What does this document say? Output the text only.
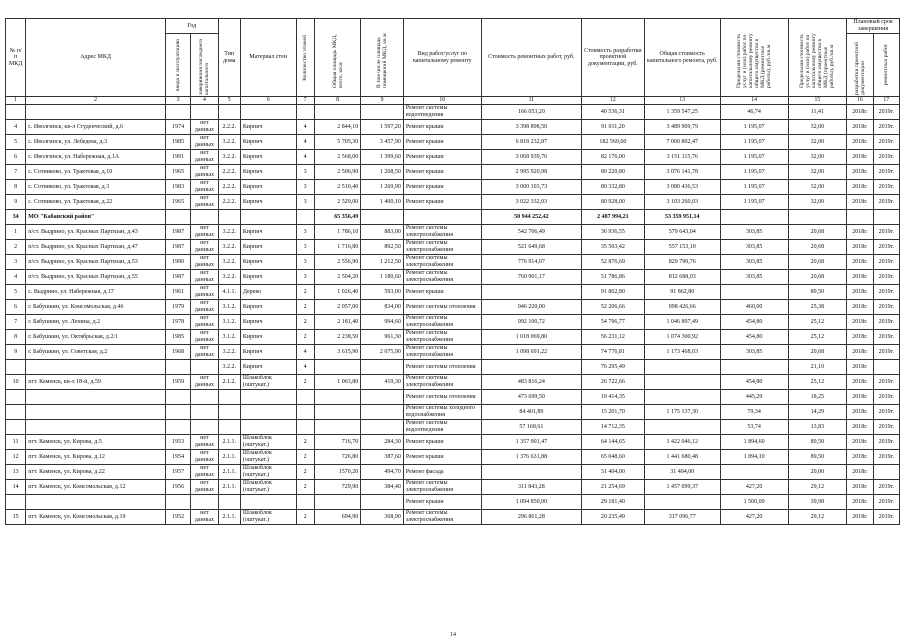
№ п/п МКД	Адрес МКД	Год		Тип дома	Материал стен	Количество этажей	Общая площадь МКД, всего, кв.м	В том числе площадь помещений МКД, кв.м	Вид работ/услуг по капитальному ремонту	Стоимость ремонтных работ, руб.	Стоимость разработки проектной документации, руб.	Общая стоимость капитального ремонта, руб.	Предельная стоимость услуг и (или) работ по капитальному ремонту общего имущества в МКД (ремонтные работы), руб./кв.м	Предельная стоимость услуг и (или) работ по капитальному ремонту общего имущества в МКД (проектные работы), руб./кв.м	Плановый срок завершения	

		ввода в эксплуатацию	завершения последнего капитального												разработки проектной документации	ремонтных работ

1	2	3	4	5	6	7	8	9	10	11	12	13	14	15	16	17
									Ремонт системы водоотведения	166 053,20	40 536,31	1 359 547,25	46,74	11,41	2018г.	2019г.
4	с. Иволгинск, кв-л Студенческий, д.6	1974	нет данных	2.2.2.	Кирпич	4	2 844,10	1 597,20	Ремонт крыши	3 398 898,50	91 011,20	3 489 909,79	1 195,07	32,00	2018г.	2019г.
5	с. Иволгинск, ул. Лебедева, д.3	1985	нет данных	3.2.2.	Кирпич	4	5 705,30	3 457,90	Ремонт крыши	6 818 232,87	182 569,60	7 000 802,47	1 195,07	32,00	2018г.	2019г.
6	с. Иволгинск, ул. Набережная, д.1А	1991	нет данных	3.2.2.	Кирпич	4	2 568,00	1 399,60	Ремонт крыши	3 068 939,76	82 176,00	3 151 115,76	1 195,07	32,00	2018г.	2019г.
7	с. Сотниково, ул. Трактовая, д.10	1965	нет данных	2.2.2.	Кирпич	3	2 506,90	1 268,50	Ремонт крыши	2 995 920,98	80 220,80	3 076 141,78	1 195,07	32,00	2018г.	2019г.
8	с. Сотниково, ул. Трактовая, д.3	1983	нет данных	2.2.2.	Кирпич	3	2 510,40	1 269,90	Ремонт крыши	3 000 103,73	80 332,80	3 080 436,53	1 195,07	32,00	2018г.	2019г.
9	с. Сотниково, ул. Трактовая, д.22	1965	нет данных	2.2.2.	Кирпич	3	2 529,00	1 400,10	Ремонт крыши	3 022 332,03	80 928,00	3 103 260,03	1 195,07	32,00	2018г.	2019г.
34	МО "Кабанский район"						65 356,49			50 944 252,42	2 487 994,21	53 359 951,14				
1	п/ст. Выдрино, ул. Красных Партизан, д.43	1987	нет данных	3.2.2.	Кирпич	3	1 786,10	883,00	Ремонт системы электроснабжения	542 706,49	36 936,55	579 643,04	303,85	20,68	2018г.	2019г.
2	п/ст. Выдрино, ул. Красных Партизан, д.47	1987	нет данных	3.2.2.	Кирпич	3	1 716,80	892,50	Ремонт системы электроснабжения	521 649,68	35 503,42	557 153,10	303,85	20,68	2018г.	2019г.
3	п/ст. Выдрино, ул. Красных Партизан, д.53	1990	нет данных	3.2.2.	Кирпич	3	2 556,90	1 212,50	Ремонт системы электроснабжения	776 914,07	52 876,69	829 790,76	303,85	20,68	2018г.	2019г.
4	п/ст. Выдрино, ул. Красных Партизан, д.55	1987	нет данных	3.2.2.	Кирпич	3	2 504,20	1 180,60	Ремонт системы электроснабжения	760 901,17	51 786,86	812 688,03	303,85	20,68	2018г.	2019г.
5	с. Выдрино, ул. Набережная, д.17	1961	нет данных	4.1.1.	Дерево	2	1 026,40	593,00	Ремонт крыши		91 862,80	91 862,80		89,50	2018г.	2019г.
6	г. Бабушкин, ул. Комсомольская, д.46	1979	нет данных	3.1.2.	Кирпич	2	2 057,00	834,00	Ремонт системы отопления	946 220,00	52 206,66	998 426,66	460,00	25,38	2018г.	2019г.
7	г. Бабушкин, ул. Ленина, д.2	1978	нет данных	3.1.2.	Кирпич	2	2 181,40	994,60	Ремонт системы электроснабжения	992 100,72	54 796,77	1 046 897,49	454,80	25,12	2018г.	2019г.
8	г. Бабушкин, ул. Октябрьская, д.2/1	1985	нет данных	3.1.2.	Кирпич	2	2 238,50	961,30	Ремонт системы электроснабжения	1 018 069,80	56 231,12	1 074 300,92	454,80	25,12	2018г.	2019г.
9	г. Бабушкин, ул. Советская, д.2	1968	нет данных	3.2.2.	Кирпич	4	3 615,90	2 075,90	Ремонт системы электроснабжения	1 098 691,22	74 776,81	1 173 468,03	303,85	20,68	2018г.	2019г.
				3.2.2.	Кирпич	4			Ремонт системы отопления		76 295,49			21,10	2018г.	
10	пгт. Каменск, кв-л 18-й, д.59	1959	нет данных	2.1.2.	Шлакоблок (оштукат.)	2	1 063,80	419,30	Ремонт системы электроснабжения	483 816,24	26 722,66		454,80	25,12	2018г.	2019г.
									Ремонт системы отопления	473 699,50	19 414,35		445,29	18,25	2018г.	2019г.
									Ремонт системы холодного водоснабжения	84 401,89	15 201,70	1 175 137,30	79,34	14,29	2018г.	2019г.
									Ремонт системы водоотведения	57 168,61	14 712,35		53,74	13,83	2018г.	2019г.
11	пгт. Каменск, ул. Кирова, д.5	1953	нет данных	2.1.1.	Шлакоблок (оштукат.)	2	716,70	284,30	Ремонт крыши	1 357 901,47	64 144,65	1 422 046,12	1 894,60	89,50	2018г.	2019г.
12	пгт. Каменск, ул. Кирова, д.12	1954	нет данных	2.1.1.	Шлакоблок (оштукат.)	2	726,80	387,60	Ремонт крыши	1 376 631,88	65 048,60	1 441 680,48	1 894,10	89,50	2018г.	2019г.
13	пгт. Каменск, ул. Кирова, д.22	1957	нет данных	2.1.1.	Шлакоблок (оштукат.)	2	1570,20	494,70	Ремонт фасада		31 404,00	31 404,00		20,00	2018г.	
14	пгт. Каменск, ул. Комсомольская, д.12	1956	нет данных	2.1.1.	Шлакоблок (оштукат.)	2	729,90	384,40	Ремонт системы электроснабжения	311 843,28	21 254,69	1 457 099,37	427,20	29,12	2018г.	2019г.
									Ремонт крыши	1 094 850,00	29 181,40		1 500,00	39,98	2018г.	2019г.
15	пгт. Каменск, ул. Комсомольская, д.19	1952	нет данных	2.1.1.	Шлакоблок (оштукат.)	2	694,90	368,90	Ремонт системы электроснабжения	296 861,28	20 235,49	317 096,77	427,20	29,12	2018г.	2019г.
14
